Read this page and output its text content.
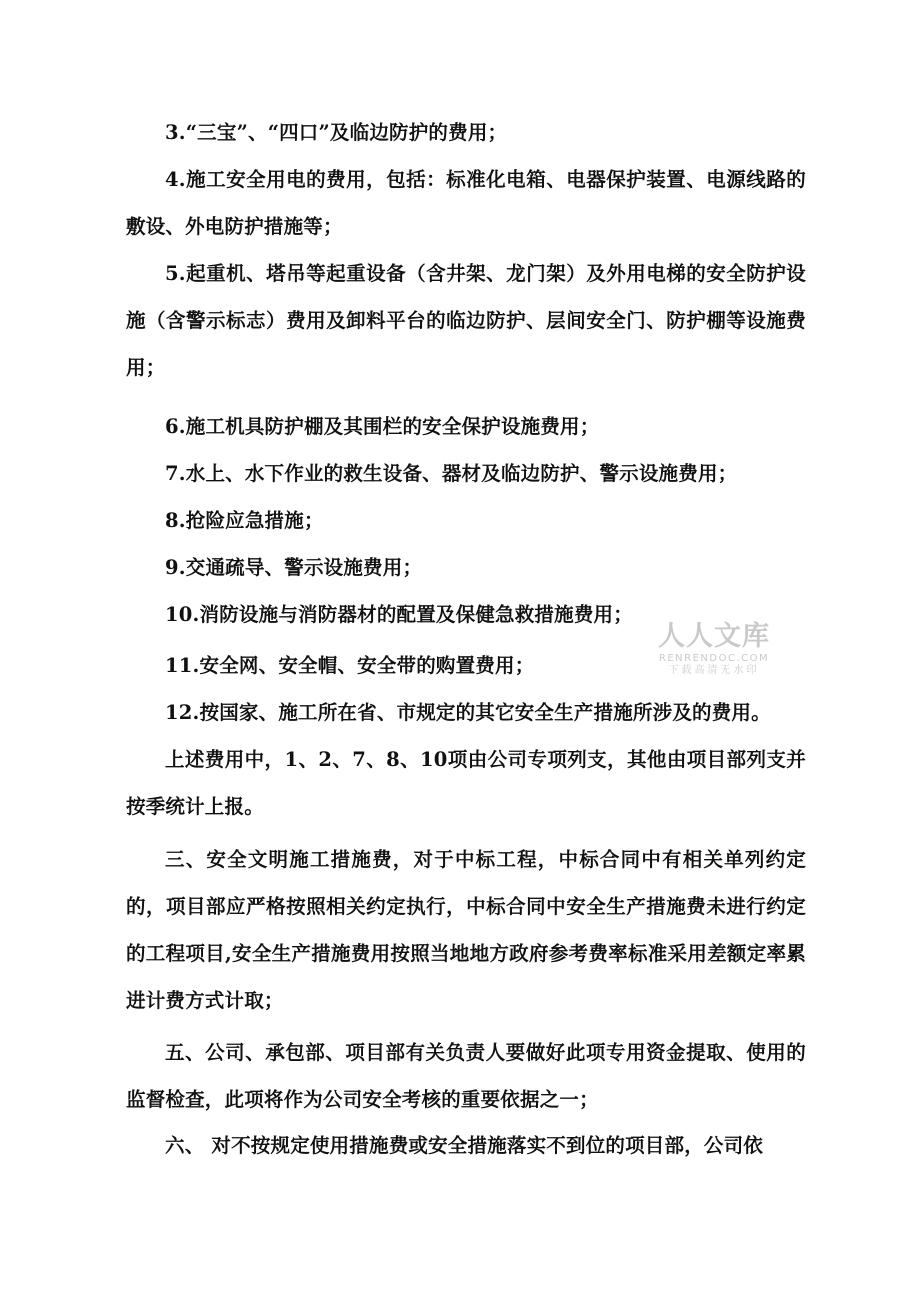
3.“三宝”、“四口”及临边防护的费用；

4.施工安全用电的费用，包括：标准化电箱、电器保护装置、电源线路的敷设、外电防护措施等；

5.起重机、塔吊等起重设备（含井架、龙门架）及外用电梯的安全防护设施（含警示标志）费用及卸料平台的临边防护、层间安全门、防护棚等设施费用；

6.施工机具防护棚及其围栏的安全保护设施费用；

7.水上、水下作业的救生设备、器材及临边防护、警示设施费用；

8.抢险应急措施；

9.交通疏导、警示设施费用；

10.消防设施与消防器材的配置及保健急救措施费用；

11.安全网、安全帽、安全带的购置费用；

12.按国家、施工所在省、市规定的其它安全生产措施所涉及的费用。

上述费用中，1、2、7、8、10项由公司专项列支，其他由项目部列支并按季统计上报。

三、安全文明施工措施费，对于中标工程，中标合同中有相关单列约定的，项目部应严格按照相关约定执行，中标合同中安全生产措施费未进行约定的工程项目,安全生产措施费用按照当地地方政府参考费率标准采用差额定率累进计费方式计取；

五、公司、承包部、项目部有关负责人要做好此项专用资金提取、使用的监督检查，此项将作为公司安全考核的重要依据之一；

六、 对不按规定使用措施费或安全措施落实不到位的项目部，公司依

人人文库
RENRENDOC.COM
下载高清无水印
